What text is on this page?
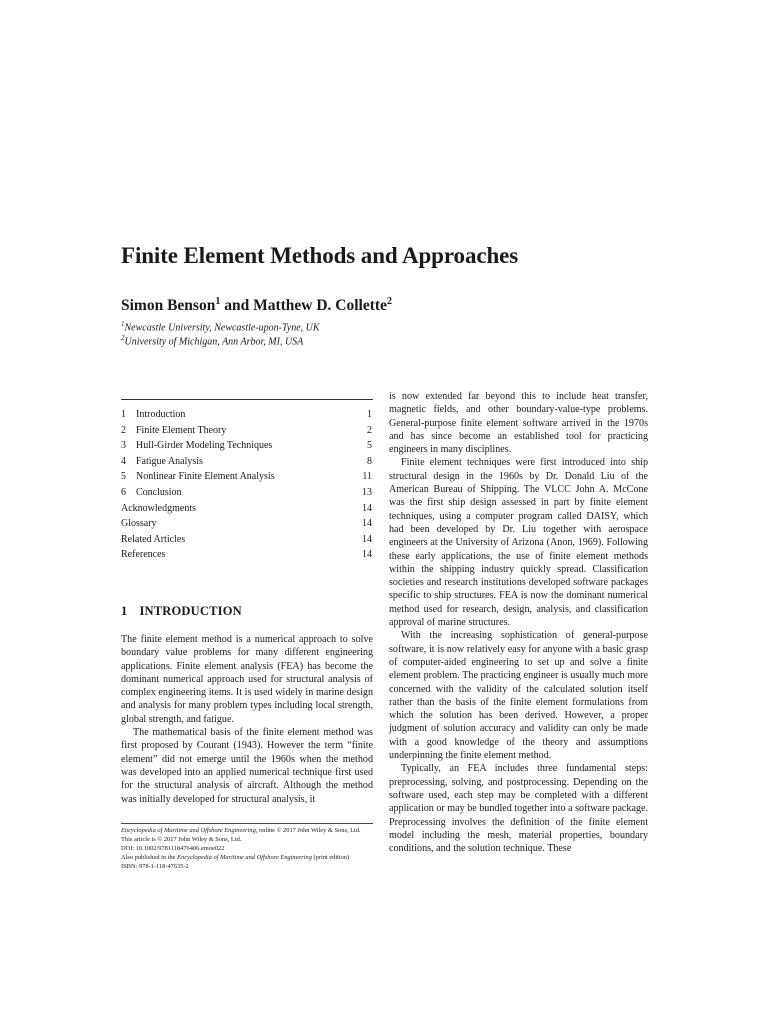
Finite Element Methods and Approaches
Simon Benson$^1$ and Matthew D. Collette$^2$
$^1$Newcastle University, Newcastle-upon-Tyne, UK
$^2$University of Michigan, Ann Arbor, MI, USA
1	Introduction	1
2	Finite Element Theory	2
3	Hull-Girder Modeling Techniques	5
4	Fatigue Analysis	8
5	Nonlinear Finite Element Analysis	11
6	Conclusion	13
Acknowledgments	14
Glossary	14
Related Articles	14
References	14
1 INTRODUCTION

The finite element method is a numerical approach to solve boundary value problems for many different engineering applications. Finite element analysis (FEA) has become the dominant numerical approach used for structural analysis of complex engineering items. It is used widely in marine design and analysis for many problem types including local strength, global strength, and fatigue.

The mathematical basis of the finite element method was first proposed by Courant (1943). However the term “finite element” did not emerge until the 1960s when the method was developed into an applied numerical technique first used for the structural analysis of aircraft. Although the method was initially developed for structural analysis, it

Encyclopedia of Maritime and Offshore Engineering, online © 2017 John Wiley & Sons, Ltd.
This article is © 2017 John Wiley & Sons, Ltd.
DOI: 10.1002/9781118476406.emoe022
Also published in the Encyclopedia of Maritime and Offshore Engineering (print edition)
ISBN: 978-1-118-47635-2

is now extended far beyond this to include heat transfer, magnetic fields, and other boundary-value-type problems. General-purpose finite element software arrived in the 1970s and has since become an established tool for practicing engineers in many disciplines.

Finite element techniques were first introduced into ship structural design in the 1960s by Dr. Donald Liu of the American Bureau of Shipping. The VLCC John A. McCone was the first ship design assessed in part by finite element techniques, using a computer program called DAISY, which had been developed by Dr. Liu together with aerospace engineers at the University of Arizona (Anon, 1969). Following these early applications, the use of finite element methods within the shipping industry quickly spread. Classification societies and research institutions developed software packages specific to ship structures. FEA is now the dominant numerical method used for research, design, analysis, and classification approval of marine structures.

With the increasing sophistication of general-purpose software, it is now relatively easy for anyone with a basic grasp of computer-aided engineering to set up and solve a finite element problem. The practicing engineer is usually much more concerned with the validity of the calculated solution itself rather than the basis of the finite element formulations from which the solution has been derived. However, a proper judgment of solution accuracy and validity can only be made with a good knowledge of the theory and assumptions underpinning the finite element method.

Typically, an FEA includes three fundamental steps: preprocessing, solving, and postprocessing. Depending on the software used, each step may be completed with a different application or may be bundled together into a software package. Preprocessing involves the definition of the finite element model including the mesh, material properties, boundary conditions, and the solution technique. These
